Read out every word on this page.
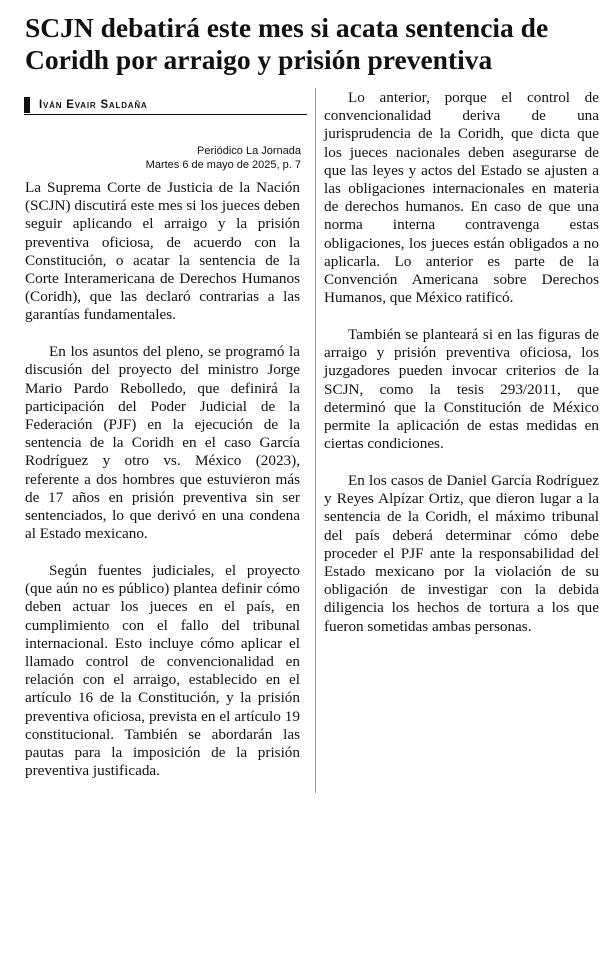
SCJN debatirá este mes si acata sentencia de Coridh por arraigo y prisión preventiva
Iván Evair Saldaña
Periódico La Jornada
Martes 6 de mayo de 2025, p. 7

La Suprema Corte de Justicia de la Nación (SCJN) discutirá este mes si los jueces deben seguir aplicando el arraigo y la prisión preventiva oficiosa, de acuerdo con la Constitución, o acatar la sentencia de la Corte Interamericana de Derechos Humanos (Coridh), que las declaró contrarias a las garantías fundamentales.

En los asuntos del pleno, se programó la discusión del proyecto del ministro Jorge Mario Pardo Rebolledo, que definirá la participación del Poder Judicial de la Federación (PJF) en la ejecución de la sentencia de la Coridh en el caso García Rodríguez y otro vs. México (2023), referente a dos hombres que estuvieron más de 17 años en prisión preventiva sin ser sentenciados, lo que derivó en una condena al Estado mexicano.

Según fuentes judiciales, el proyecto (que aún no es público) plantea definir cómo deben actuar los jueces en el país, en cumplimiento con el fallo del tribunal internacional. Esto incluye cómo aplicar el llamado control de convencionalidad en relación con el arraigo, establecido en el artículo 16 de la Constitución, y la prisión preventiva oficiosa, prevista en el artículo 19 constitucional. También se abordarán las pautas para la imposición de la prisión preventiva justificada.

Lo anterior, porque el control de convencionalidad deriva de una jurisprudencia de la Coridh, que dicta que los jueces nacionales deben asegurarse de que las leyes y actos del Estado se ajusten a las obligaciones internacionales en materia de derechos humanos. En caso de que una norma interna contravenga estas obligaciones, los jueces están obligados a no aplicarla. Lo anterior es parte de la Convención Americana sobre Derechos Humanos, que México ratificó.

También se planteará si en las figuras de arraigo y prisión preventiva oficiosa, los juzgadores pueden invocar criterios de la SCJN, como la tesis 293/2011, que determinó que la Constitución de México permite la aplicación de estas medidas en ciertas condiciones.

En los casos de Daniel García Rodríguez y Reyes Alpízar Ortiz, que dieron lugar a la sentencia de la Coridh, el máximo tribunal del país deberá determinar cómo debe proceder el PJF ante la responsabilidad del Estado mexicano por la violación de su obligación de investigar con la debida diligencia los hechos de tortura a los que fueron sometidas ambas personas.
